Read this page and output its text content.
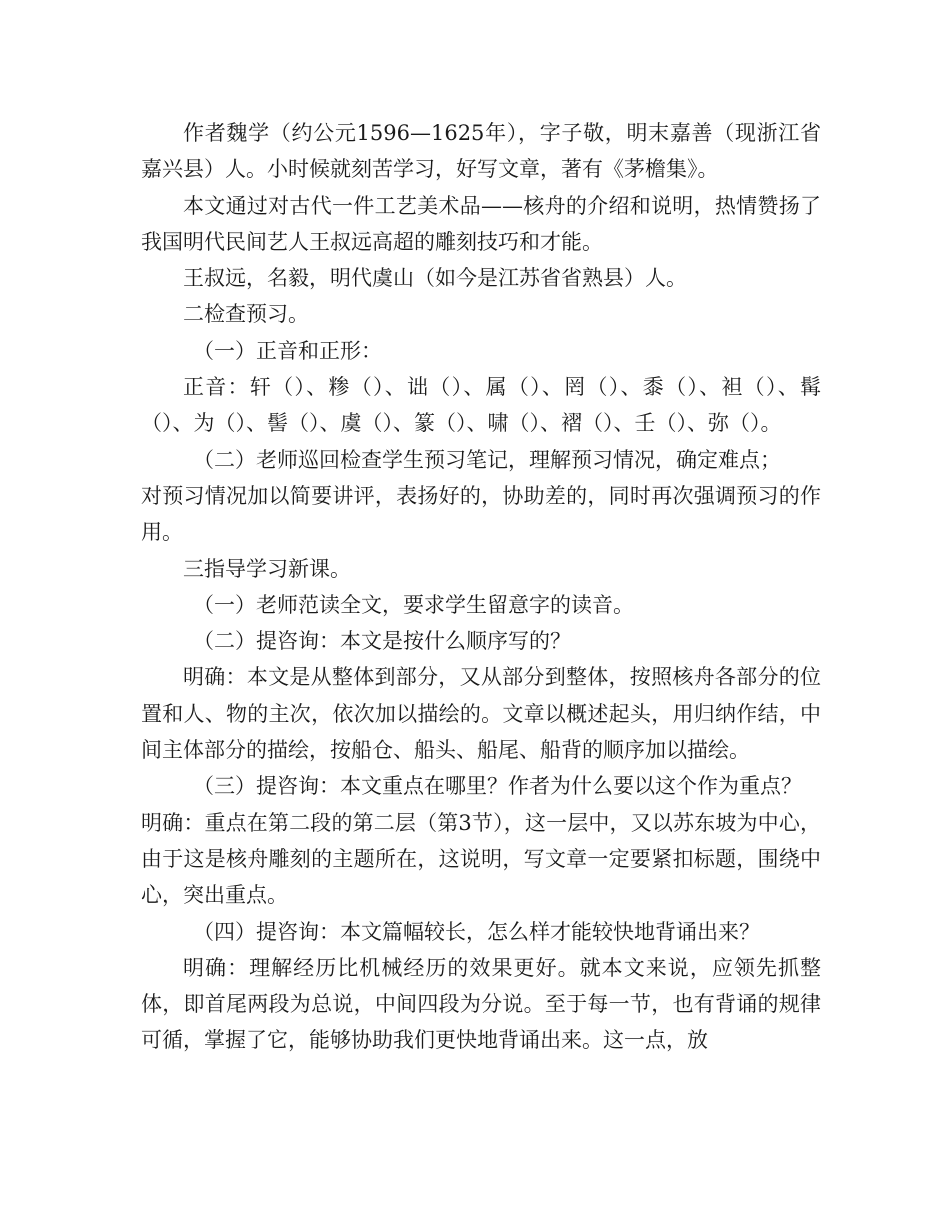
作者魏学（约公元1596—1625年），字子敬，明末嘉善（现浙江省嘉兴县）人。小时候就刻苦学习，好写文章，著有《茅檐集》。

本文通过对古代一件工艺美术品——核舟的介绍和说明，热情赞扬了我国明代民间艺人王叔远高超的雕刻技巧和才能。

王叔远，名毅，明代虞山（如今是江苏省省熟县）人。

二检查预习。

（一）正音和正形：

正音：轩（）、糁（）、诎（）、属（）、罔（）、黍（）、袒（）、髯（）、为（）、髻（）、虞（）、篆（）、啸（）、褶（）、壬（）、弥（）。

（二）老师巡回检查学生预习笔记，理解预习情况，确定难点；

对预习情况加以简要讲评，表扬好的，协助差的，同时再次强调预习的作用。

三指导学习新课。

（一）老师范读全文，要求学生留意字的读音。

（二）提咨询：本文是按什么顺序写的？

明确：本文是从整体到部分，又从部分到整体，按照核舟各部分的位置和人、物的主次，依次加以描绘的。文章以概述起头，用归纳作结，中间主体部分的描绘，按船仓、船头、船尾、船背的顺序加以描绘。

（三）提咨询：本文重点在哪里？作者为什么要以这个作为重点？

明确：重点在第二段的第二层（第3节），这一层中，又以苏东坡为中心，由于这是核舟雕刻的主题所在，这说明，写文章一定要紧扣标题，围绕中心，突出重点。

（四）提咨询：本文篇幅较长，怎么样才能较快地背诵出来？

明确：理解经历比机械经历的效果更好。就本文来说，应领先抓整体，即首尾两段为总说，中间四段为分说。至于每一节，也有背诵的规律可循，掌握了它，能够协助我们更快地背诵出来。这一点，放
